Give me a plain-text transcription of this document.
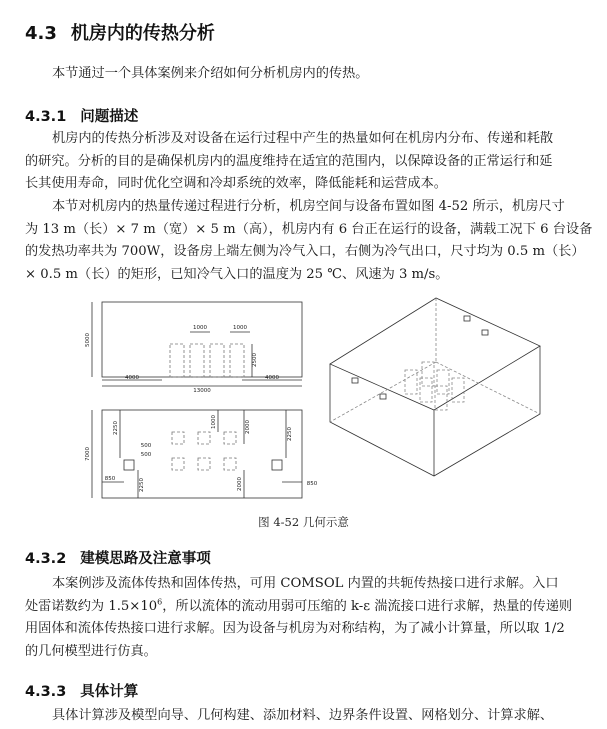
4.3 机房内的传热分析
本节通过一个具体案例来介绍如何分析机房内的传热。
4.3.1 问题描述
机房内的传热分析涉及对设备在运行过程中产生的热量如何在机房内分布、传递和耗散
的研究。分析的目的是确保机房内的温度维持在适宜的范围内，以保障设备的正常运行和延
长其使用寿命，同时优化空调和冷却系统的效率，降低能耗和运营成本。
本节对机房内的热量传递过程进行分析，机房空间与设备布置如图 4-52 所示，机房尺寸
为 13 m（长）× 7 m（宽）× 5 m（高），机房内有 6 台正在运行的设备，满载工况下 6 台设备
的发热功率共为 700W，设备房上端左侧为冷气入口，右侧为冷气出口，尺寸均为 0.5 m（长）
× 0.5 m（长）的矩形，已知冷气入口的温度为 25 ℃、风速为 3 m/s。
5000
1000	1000
2500
4000
13000
4000
7000
2250
500
500
850	2250
1000
2000
2000	2250
850
图 4-52 几何示意
4.3.2 建模思路及注意事项
本案例涉及流体传热和固体传热，可用 COMSOL 内置的共轭传热接口进行求解。入口
处雷诺数约为 $1.5\times 10^6$，所以流体的流动用弱可压缩的 k-ε 湍流接口进行求解，热量的传递则
用固体和流体传热接口进行求解。因为设备与机房为对称结构，为了减小计算量，所以取 1/2
的几何模型进行仿真。
4.3.3 具体计算
具体计算涉及模型向导、几何构建、添加材料、边界条件设置、网格划分、计算求解、
